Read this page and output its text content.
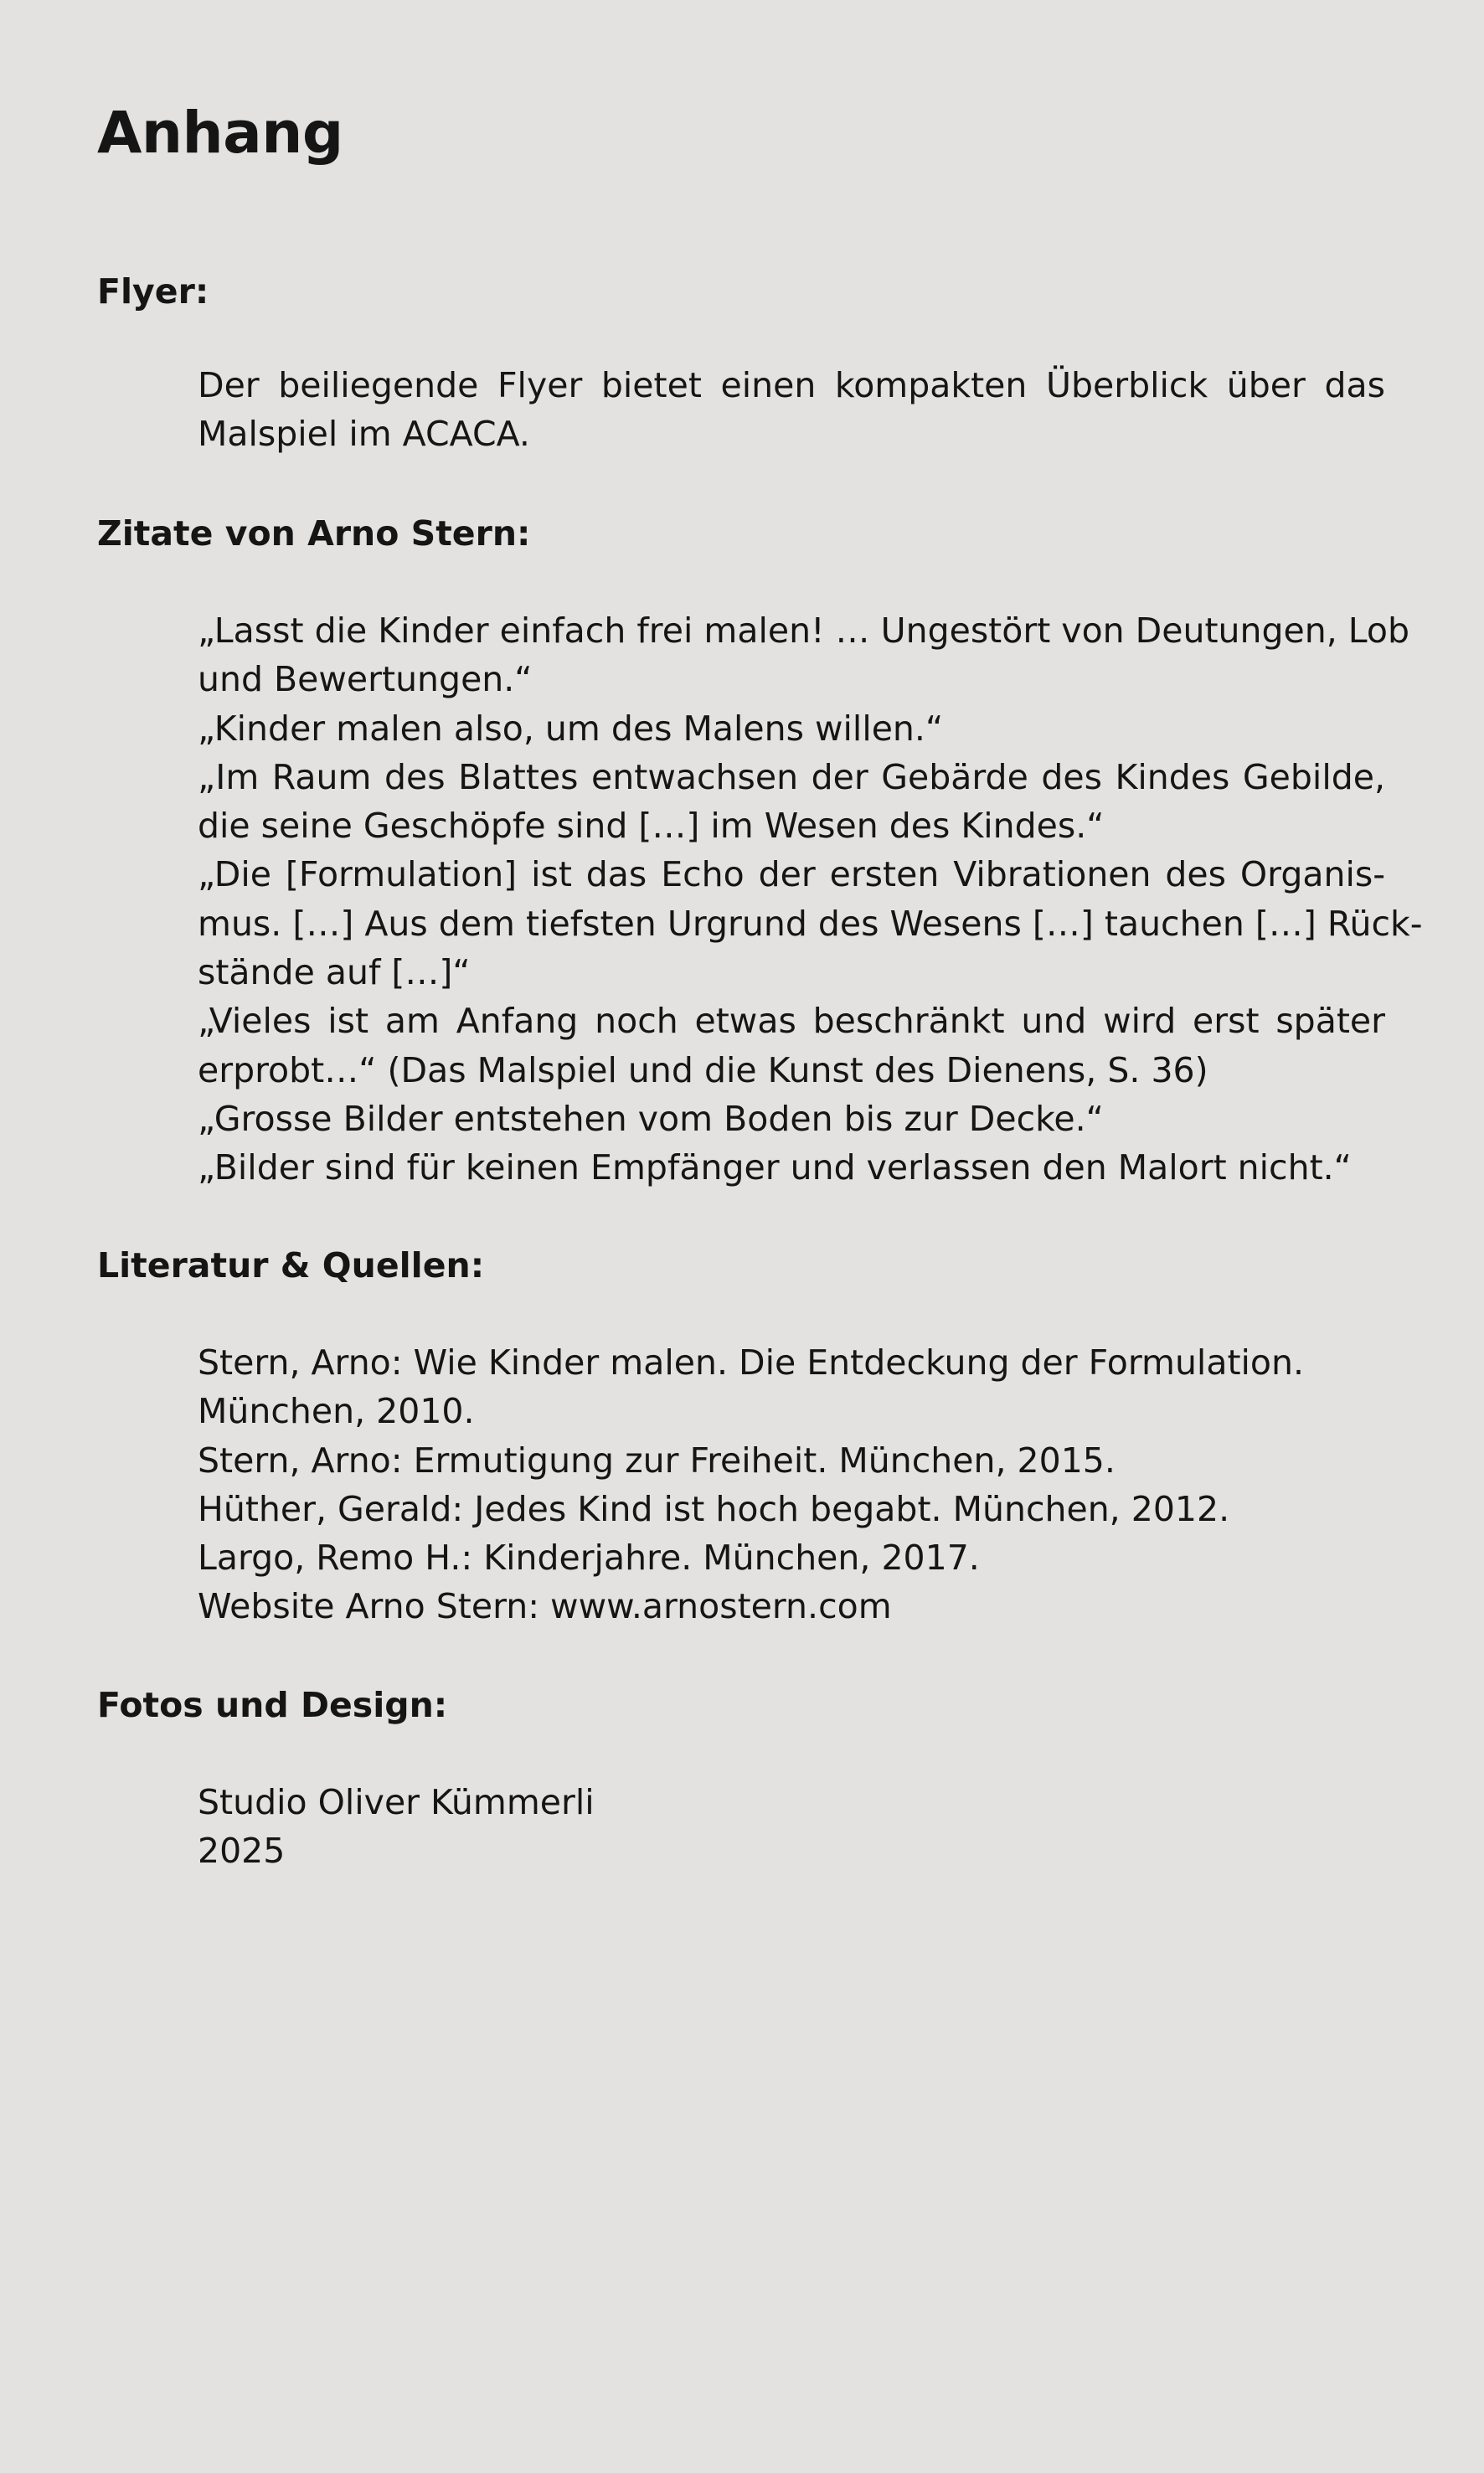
Anhang
Flyer:
Der beiliegende Flyer bietet einen kompakten Überblick über das
Malspiel im ACACA.
Zitate von Arno Stern:
„Lasst die Kinder einfach frei malen! … Ungestört von Deutungen, Lob
und Bewertungen.“
„Kinder malen also, um des Malens willen.“
„Im Raum des Blattes entwachsen der Gebärde des Kindes Gebilde,
die seine Geschöpfe sind […] im Wesen des Kindes.“
„Die [Formulation] ist das Echo der ersten Vibrationen des Organis-
mus. […] Aus dem tiefsten Urgrund des Wesens […] tauchen […] Rück-
stände auf […]“
„Vieles ist am Anfang noch etwas beschränkt und wird erst später
erprobt…“ (Das Malspiel und die Kunst des Dienens, S. 36)
„Grosse Bilder entstehen vom Boden bis zur Decke.“
„Bilder sind für keinen Empfänger und verlassen den Malort nicht.“
Literatur & Quellen:
Stern, Arno: Wie Kinder malen. Die Entdeckung der Formulation.
München, 2010.
Stern, Arno: Ermutigung zur Freiheit. München, 2015.
Hüther, Gerald: Jedes Kind ist hoch begabt. München, 2012.
Largo, Remo H.: Kinderjahre. München, 2017.
Website Arno Stern: www.arnostern.com
Fotos und Design:
Studio Oliver Kümmerli
2025
